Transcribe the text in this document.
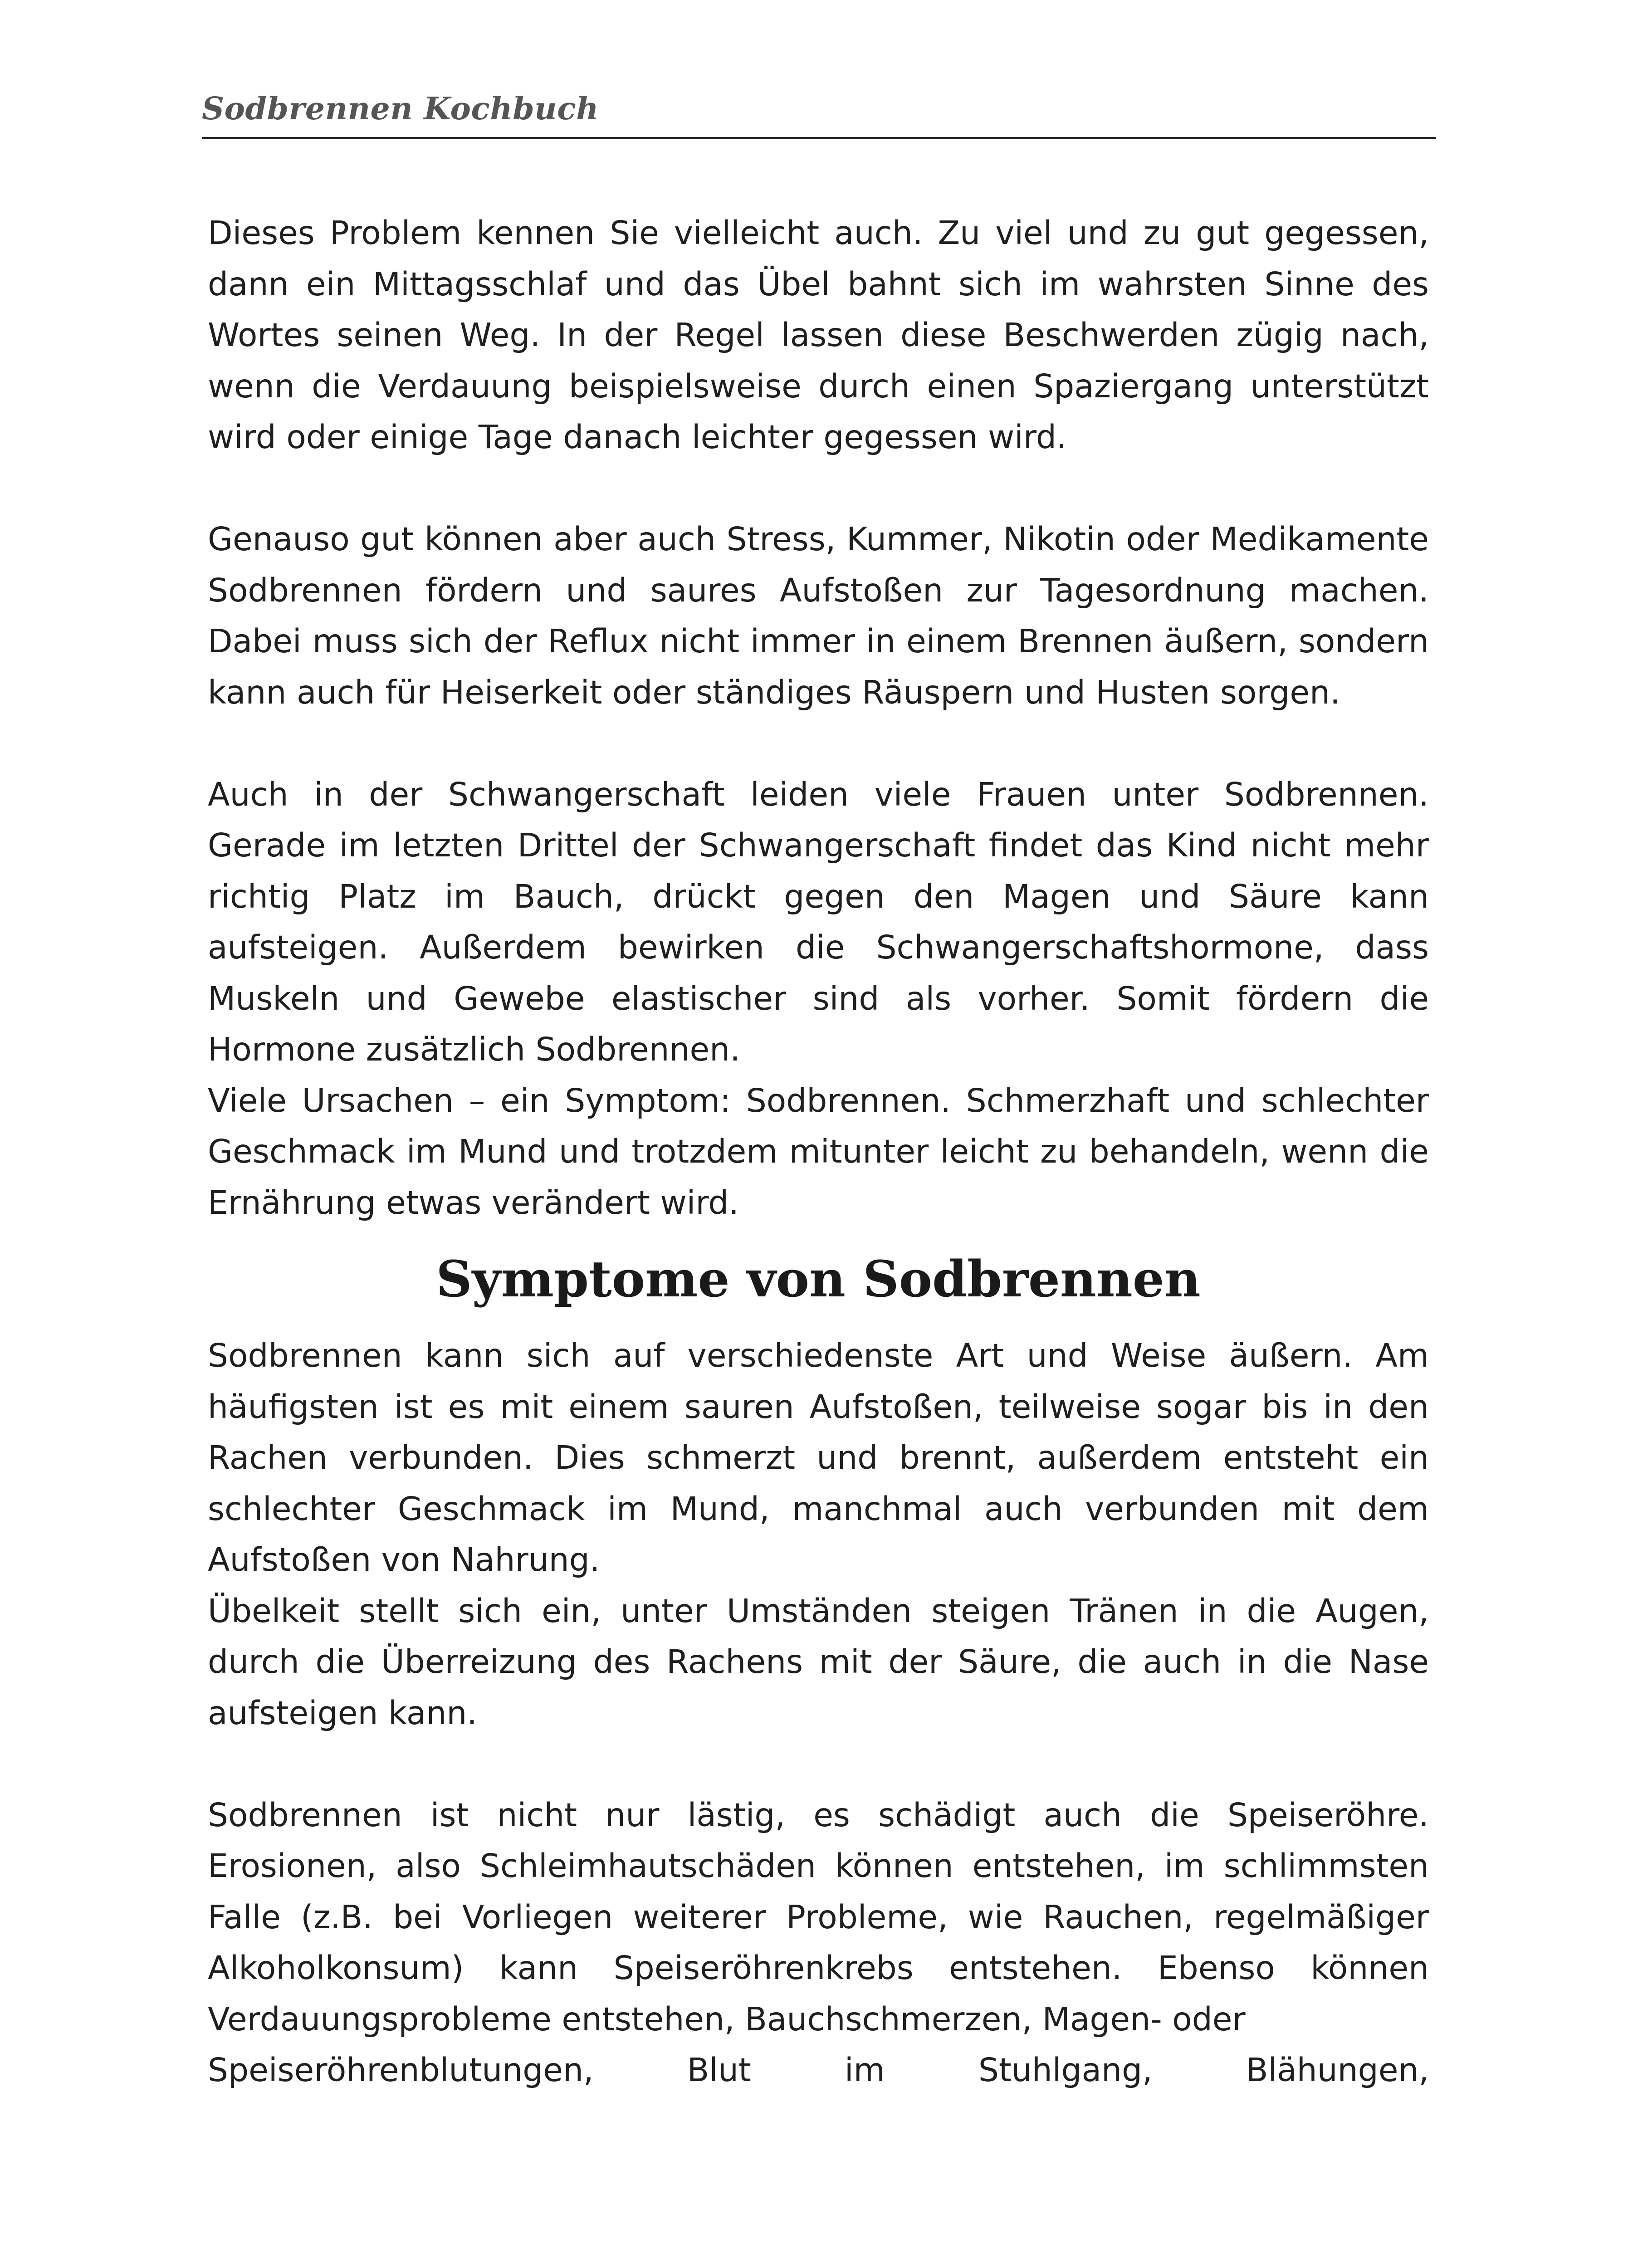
Sodbrennen Kochbuch

Dieses Problem kennen Sie vielleicht auch. Zu viel und zu gut gegessen, dann ein Mittagsschlaf und das Übel bahnt sich im wahrsten Sinne des Wortes seinen Weg. In der Regel lassen diese Beschwerden zügig nach, wenn die Verdauung beispielsweise durch einen Spaziergang unterstützt wird oder einige Tage danach leichter gegessen wird.

Genauso gut können aber auch Stress, Kummer, Nikotin oder Medikamente Sodbrennen fördern und saures Aufstoßen zur Tagesordnung machen. Dabei muss sich der Reflux nicht immer in einem Brennen äußern, sondern kann auch für Heiserkeit oder ständiges Räuspern und Husten sorgen.

Auch in der Schwangerschaft leiden viele Frauen unter Sodbrennen. Gerade im letzten Drittel der Schwangerschaft findet das Kind nicht mehr richtig Platz im Bauch, drückt gegen den Magen und Säure kann aufsteigen. Außerdem bewirken die Schwangerschaftshormone, dass Muskeln und Gewebe elastischer sind als vorher. Somit fördern die Hormone zusätzlich Sodbrennen.

Viele Ursachen – ein Symptom: Sodbrennen. Schmerzhaft und schlechter Geschmack im Mund und trotzdem mitunter leicht zu behandeln, wenn die Ernährung etwas verändert wird.

Symptome von Sodbrennen

Sodbrennen kann sich auf verschiedenste Art und Weise äußern. Am häufigsten ist es mit einem sauren Aufstoßen, teilweise sogar bis in den Rachen verbunden. Dies schmerzt und brennt, außerdem entsteht ein schlechter Geschmack im Mund, manchmal auch verbunden mit dem Aufstoßen von Nahrung.

Übelkeit stellt sich ein, unter Umständen steigen Tränen in die Augen, durch die Überreizung des Rachens mit der Säure, die auch in die Nase aufsteigen kann.

Sodbrennen ist nicht nur lästig, es schädigt auch die Speiseröhre. Erosionen, also Schleimhautschäden können entstehen, im schlimmsten Falle (z.B. bei Vorliegen weiterer Probleme, wie Rauchen, regelmäßiger Alkoholkonsum) kann Speiseröhrenkrebs entstehen. Ebenso können Verdauungsprobleme entstehen, Bauchschmerzen, Magen- oder
Speiseröhrenblutungen, Blut im Stuhlgang, Blähungen,
